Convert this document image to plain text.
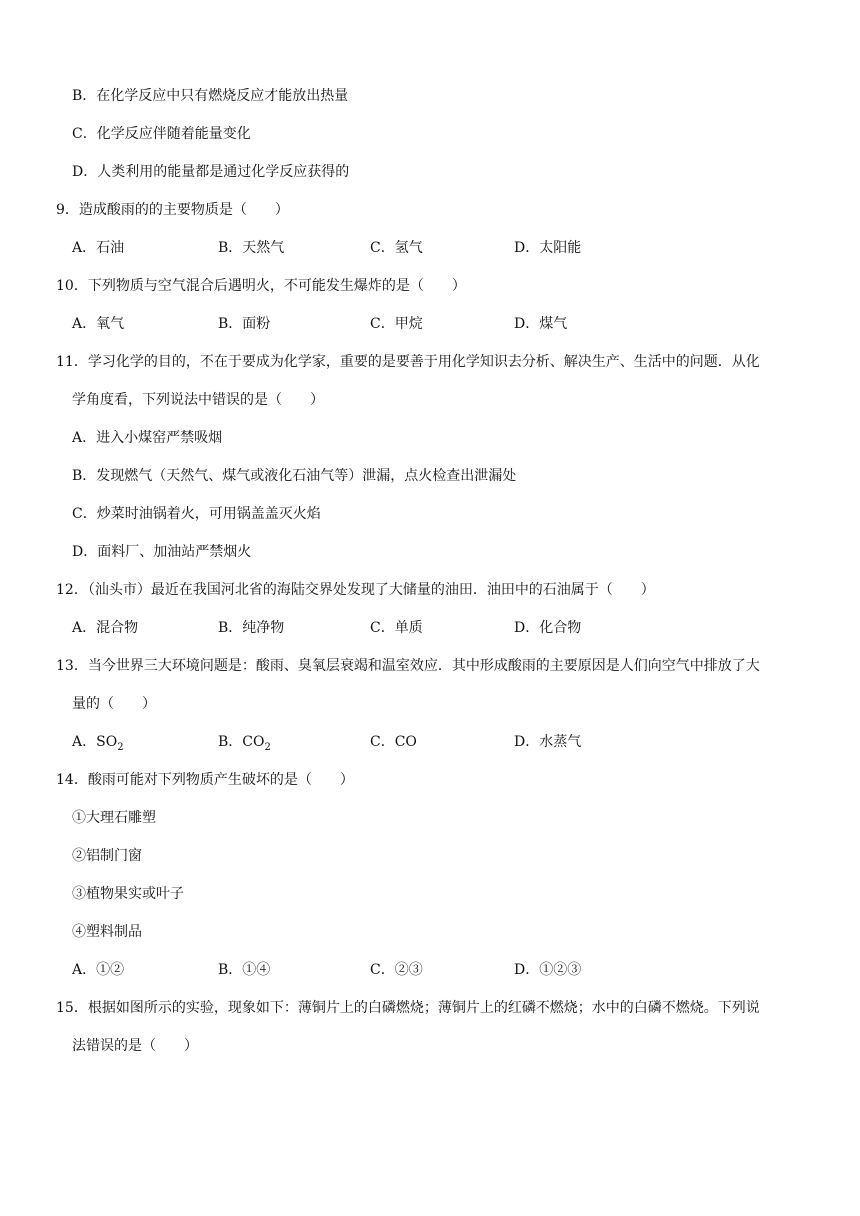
B．在化学反应中只有燃烧反应才能放出热量
C．化学反应伴随着能量变化
D．人类利用的能量都是通过化学反应获得的
9．造成酸雨的的主要物质是（　　）
A．石油	B．天然气	C．氢气	D．太阳能
10．下列物质与空气混合后遇明火，不可能发生爆炸的是（　　）
A．氧气	B．面粉	C．甲烷	D．煤气
11．学习化学的目的，不在于要成为化学家，重要的是要善于用化学知识去分析、解决生产、生活中的问题．从化
学角度看，下列说法中错误的是（　　）
A．进入小煤窑严禁吸烟
B．发现燃气（天然气、煤气或液化石油气等）泄漏，点火检查出泄漏处
C．炒菜时油锅着火，可用锅盖盖灭火焰
D．面料厂、加油站严禁烟火
12．（汕头市）最近在我国河北省的海陆交界处发现了大储量的油田．油田中的石油属于（　　）
A．混合物	B．纯净物	C．单质	D．化合物
13．当今世界三大环境问题是：酸雨、臭氧层衰竭和温室效应．其中形成酸雨的主要原因是人们向空气中排放了大
量的（　　）
A．$SO_2$	B．$CO_2$	C．CO	D．水蒸气
14．酸雨可能对下列物质产生破坏的是（　　）
①大理石雕塑
②铝制门窗
③植物果实或叶子
④塑料制品
A．①②	B．①④	C．②③	D．①②③
15．根据如图所示的实验，现象如下：薄铜片上的白磷燃烧；薄铜片上的红磷不燃烧；水中的白磷不燃烧。下列说
法错误的是（　　）
